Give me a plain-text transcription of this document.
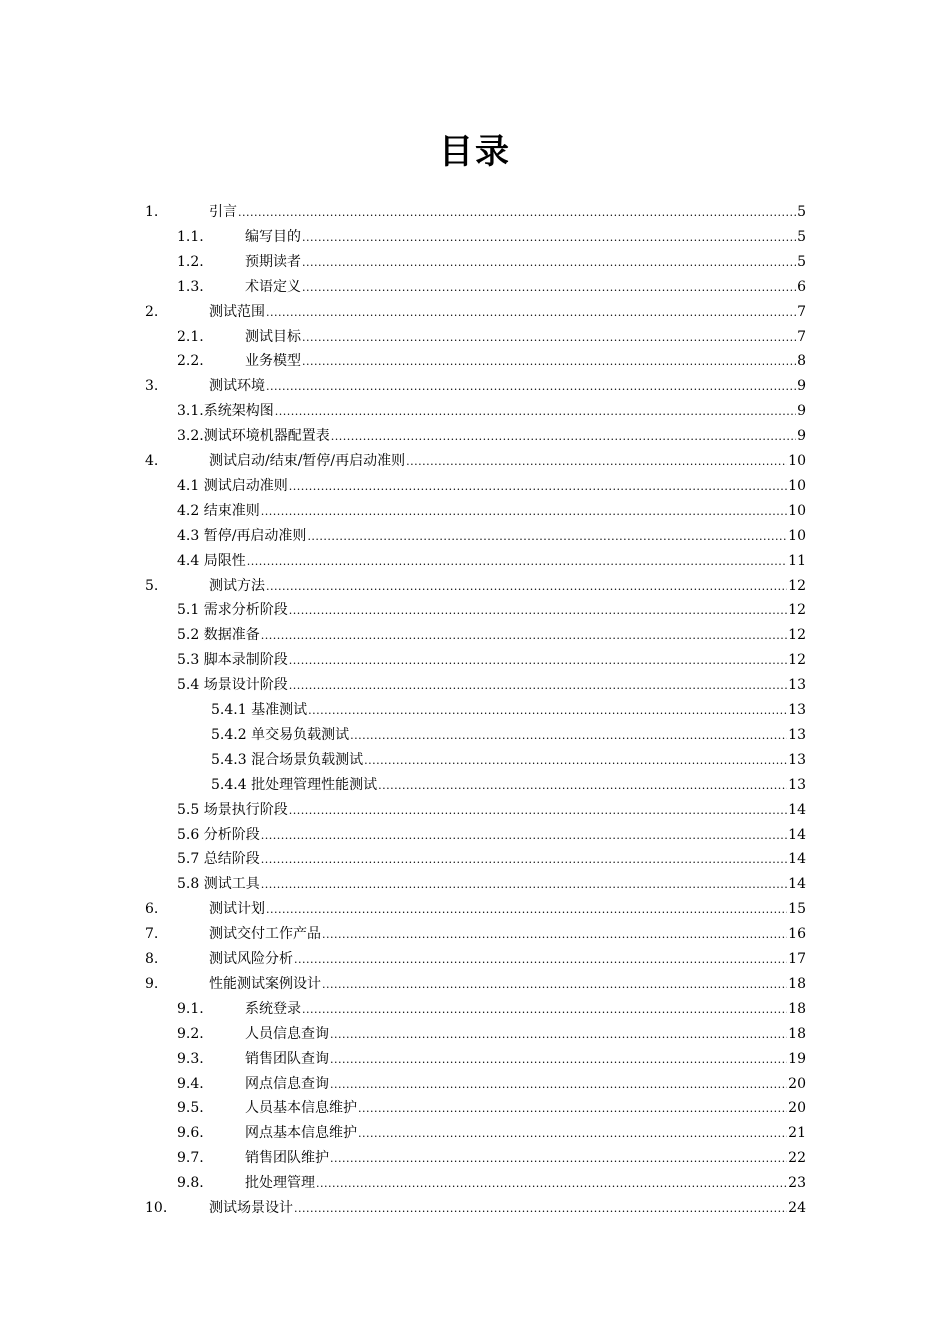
目录
1.	引言 .....	5
1.1.	编写目的 .....	5
1.2.	预期读者 .....	5
1.3.	术语定义 .....	6
2.	测试范围 .....	7
2.1.	测试目标 .....	7
2.2.	业务模型 .....	8
3.	测试环境 .....	9
3.1.系统架构图 .....	9
3.2.测试环境机器配置表 .....	9
4.	测试启动/结束/暂停/再启动准则 .....	10
4.1 测试启动准则 .....	10
4.2 结束准则 .....	10
4.3 暂停/再启动准则 .....	10
4.4 局限性 .....	11
5.	测试方法 .....	12
5.1 需求分析阶段 .....	12
5.2 数据准备 .....	12
5.3 脚本录制阶段 .....	12
5.4 场景设计阶段 .....	13
5.4.1 基准测试 .....	13
5.4.2 单交易负载测试 .....	13
5.4.3 混合场景负载测试 .....	13
5.4.4 批处理管理性能测试 .....	13
5.5 场景执行阶段 .....	14
5.6 分析阶段 .....	14
5.7 总结阶段 .....	14
5.8 测试工具 .....	14
6.	测试计划 .....	15
7.	测试交付工作产品 .....	16
8.	测试风险分析 .....	17
9.	性能测试案例设计 .....	18
9.1.	系统登录 .....	18
9.2.	人员信息查询 .....	18
9.3.	销售团队查询 .....	19
9.4.	网点信息查询 .....	20
9.5.	人员基本信息维护 .....	20
9.6.	网点基本信息维护 .....	21
9.7.	销售团队维护 .....	22
9.8.	批处理管理 .....	23
10.	测试场景设计 .....	24
